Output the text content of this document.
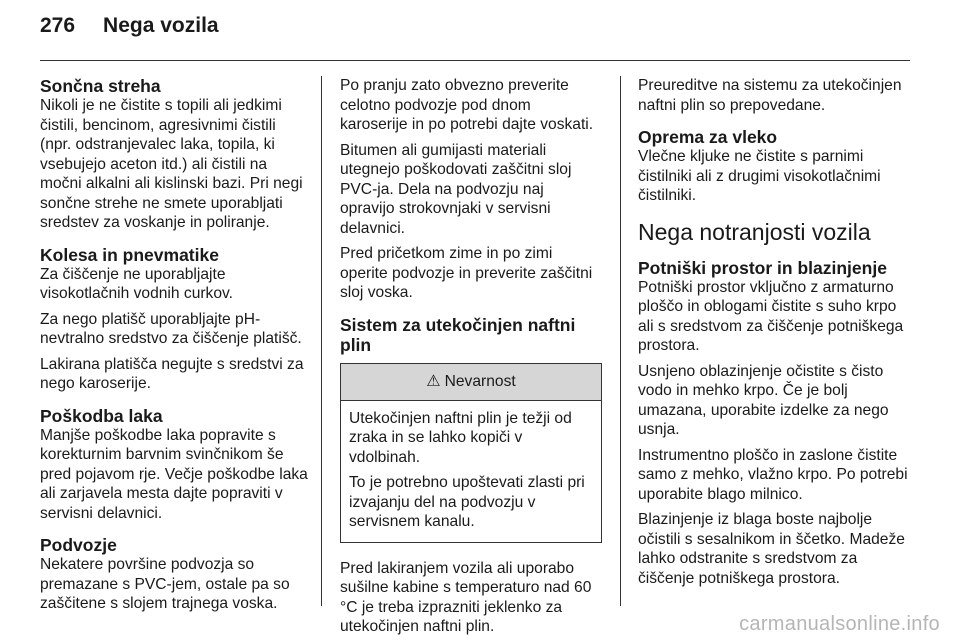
276 Nega vozila
Sončna streha

Nikoli je ne čistite s topili ali jedkimi čistili, bencinom, agresivnimi čistili (npr. odstranjevalec laka, topila, ki vsebujejo aceton itd.) ali čistili na močni alkalni ali kislinski bazi. Pri negi sončne strehe ne smete uporabljati sredstev za voskanje in poliranje.

Kolesa in pnevmatike

Za čiščenje ne uporabljajte visokotlačnih vodnih curkov.

Za nego platišč uporabljajte pH-nevtralno sredstvo za čiščenje platišč.

Lakirana platišča negujte s sredstvi za nego karoserije.

Poškodba laka

Manjše poškodbe laka popravite s korekturnim barvnim svinčnikom še pred pojavom rje. Večje poškodbe laka ali zarjavela mesta dajte popraviti v servisni delavnici.

Podvozje

Nekatere površine podvozja so premazane s PVC-jem, ostale pa so zaščitene s slojem trajnega voska.

Po pranju zato obvezno preverite celotno podvozje pod dnom karoserije in po potrebi dajte voskati.

Bitumen ali gumijasti materiali utegnejo poškodovati zaščitni sloj PVC-ja. Dela na podvozju naj opravijo strokovnjaki v servisni delavnici.

Pred pričetkom zime in po zimi operite podvozje in preverite zaščitni sloj voska.

Sistem za utekočinjen naftni plin
⚠ Nevarnost

Utekočinjen naftni plin je težji od zraka in se lahko kopiči v vdolbinah.

To je potrebno upoštevati zlasti pri izvajanju del na podvozju v servisnem kanalu.

Pred lakiranjem vozila ali uporabo sušilne kabine s temperaturo nad 60 °C je treba izprazniti jeklenko za utekočinjen naftni plin.

Preureditve na sistemu za utekočinjen naftni plin so prepovedane.

Oprema za vleko

Vlečne kljuke ne čistite s parnimi čistilniki ali z drugimi visokotlačnimi čistilniki.

Nega notranjosti vozila
Potniški prostor in blazinjenje

Potniški prostor vključno z armaturno ploščo in oblogami čistite s suho krpo ali s sredstvom za čiščenje potniškega prostora.

Usnjeno oblazinjenje očistite s čisto vodo in mehko krpo. Če je bolj umazana, uporabite izdelke za nego usnja.

Instrumentno ploščo in zaslone čistite samo z mehko, vlažno krpo. Po potrebi uporabite blago milnico.

Blazinjenje iz blaga boste najbolje očistili s sesalnikom in ščetko. Madeže lahko odstranite s sredstvom za čiščenje potniškega prostora.

carmanualsonline.info
